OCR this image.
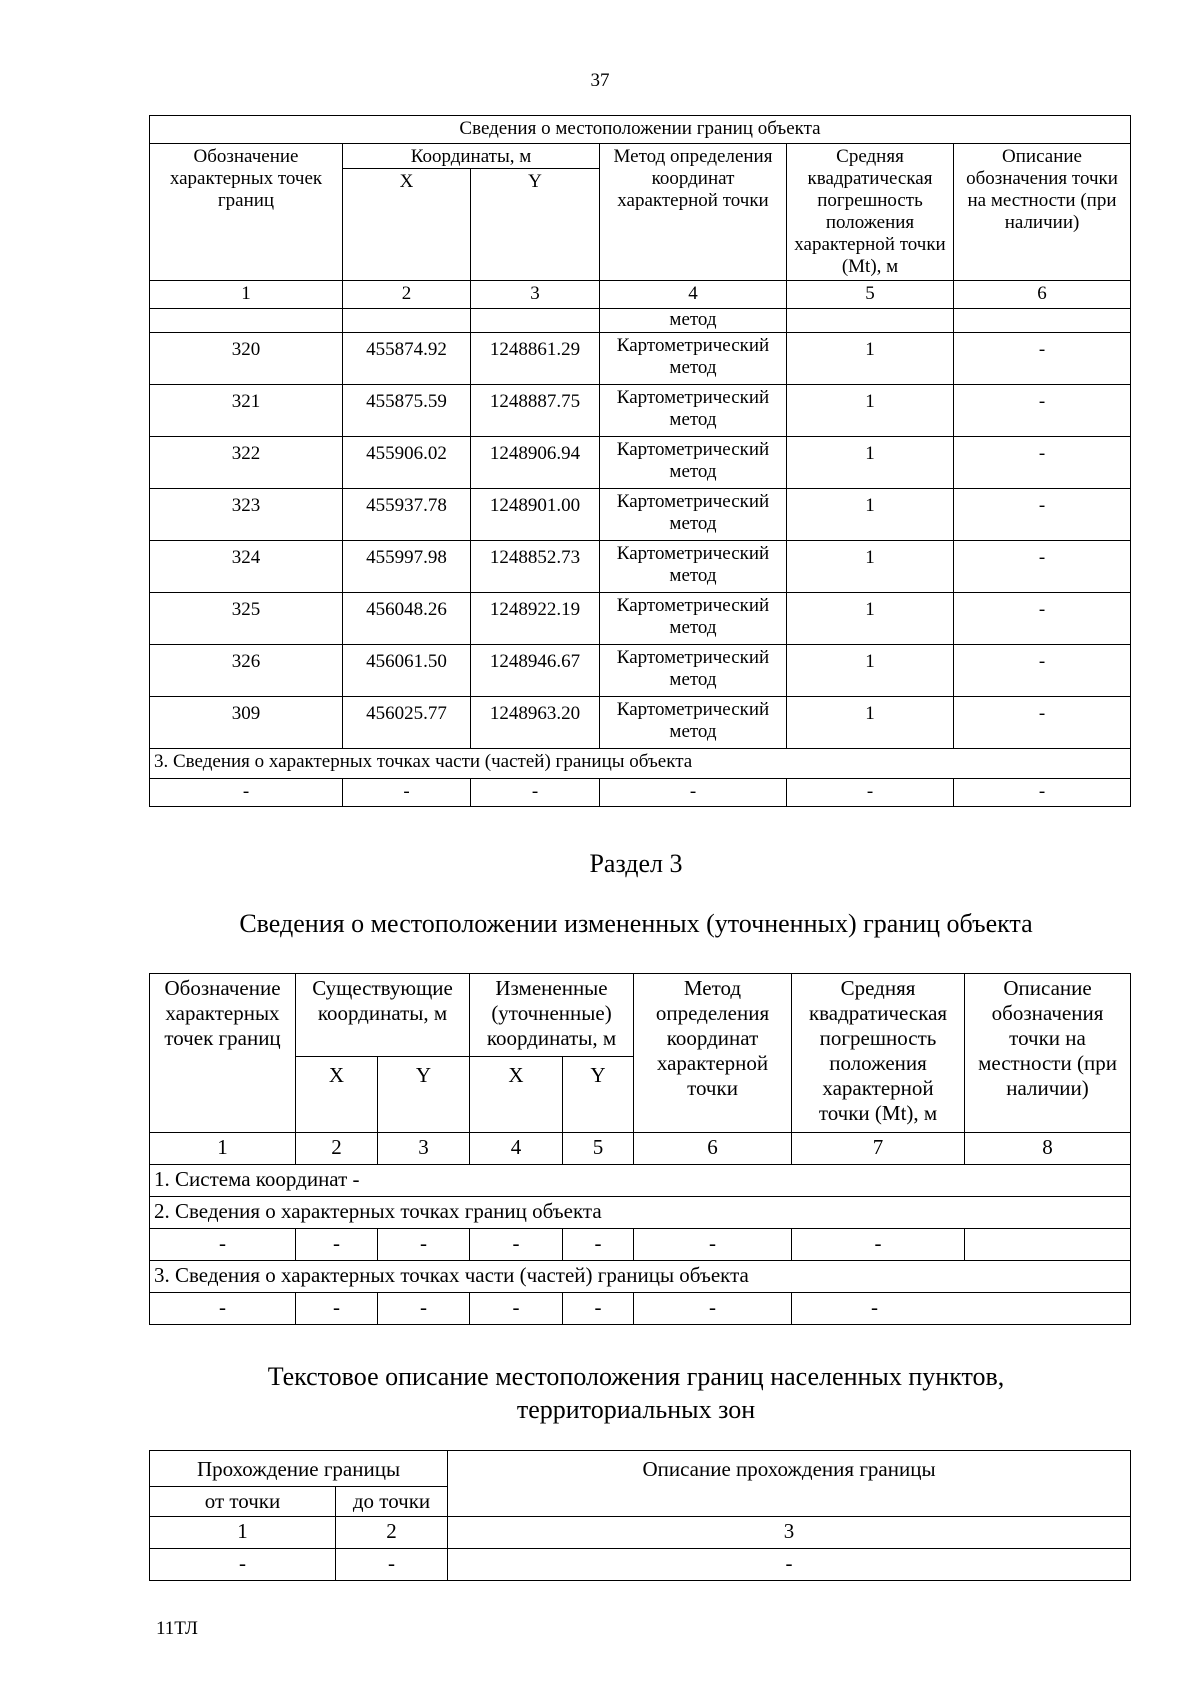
37
Сведения о местоположении границ объекта					
Обозначение характерных точек границ	Координаты, м		Метод определения координат характерной точки	Средняя квадратическая погрешность положения характерной точки (Mt), м	Описание обозначения точки на местности (при наличии)
	X	Y			
1	2	3	4	5	6
			метод		
320	455874.92	1248861.29	Картометрический метод	1	-
321	455875.59	1248887.75	Картометрический метод	1	-
322	455906.02	1248906.94	Картометрический метод	1	-
323	455937.78	1248901.00	Картометрический метод	1	-
324	455997.98	1248852.73	Картометрический метод	1	-
325	456048.26	1248922.19	Картометрический метод	1	-
326	456061.50	1248946.67	Картометрический метод	1	-
309	456025.77	1248963.20	Картометрический метод	1	-
3. Сведения о характерных точках части (частей) границы объекта					
-	-	-	-	-	-
Раздел 3
Сведения о местоположении измененных (уточненных) границ объекта
Обозначение характерных точек границ	Существующие координаты, м		Измененные (уточненные) координаты, м		Метод определения координат характерной точки	Средняя квадратическая погрешность положения характерной точки (Mt), м	Описание обозначения точки на местности (при наличии)
	X	Y	X	Y			
1	2	3	4	5	6	7	8
1. Система координат -							
2. Сведения о характерных точках границ объекта							
-	-	-	-	-	-	-	
3. Сведения о характерных точках части (частей) границы объекта							
-	-	-	-	-	-	-	
Текстовое описание местоположения границ населенных пунктов,
территориальных зон
Прохождение границы		Описание прохождения границы
от точки	до точки	
1	2	3
-	-	-
11ТЛ
